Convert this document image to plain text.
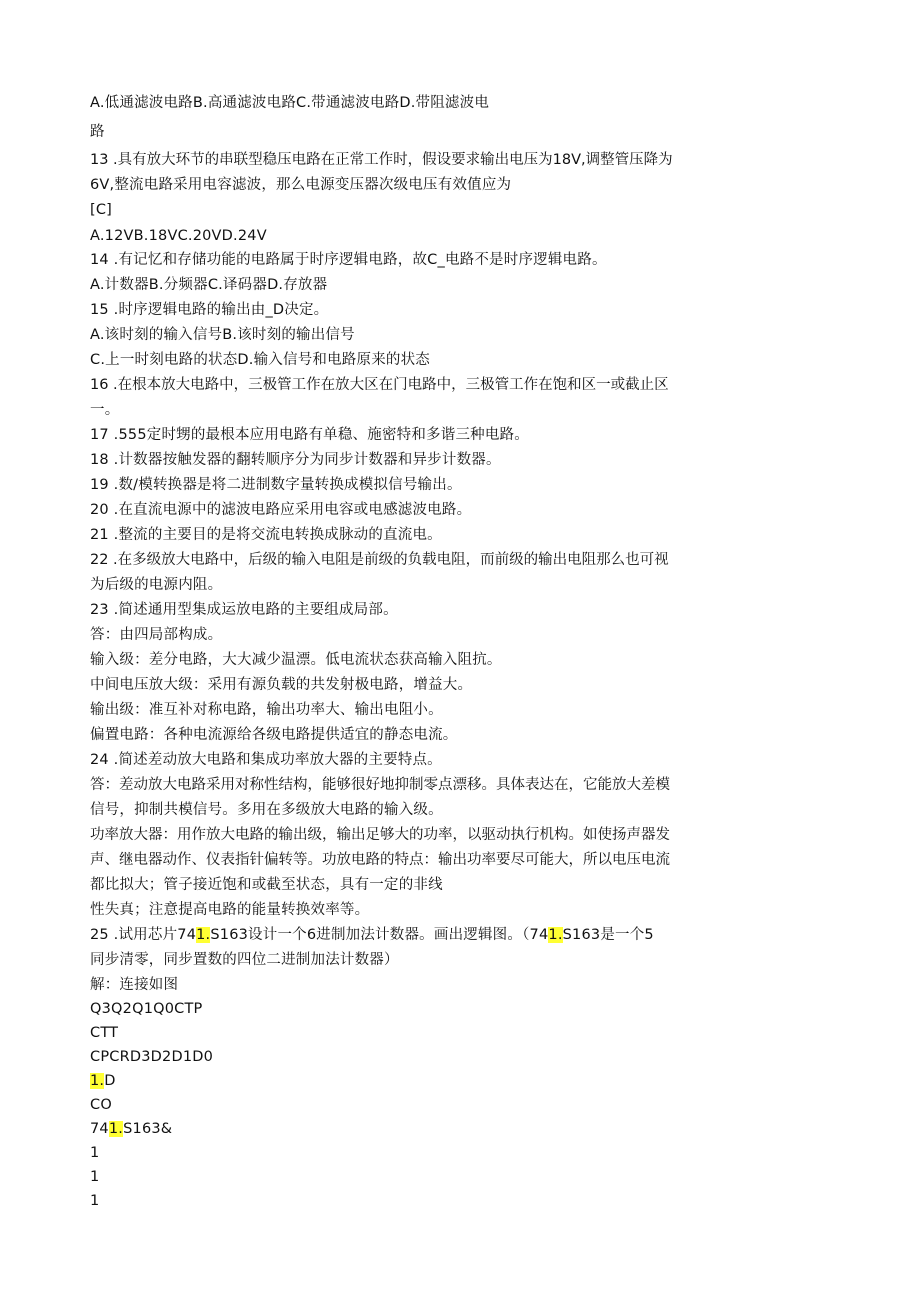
A.低通滤波电路B.高通滤波电路C.带通滤波电路D.带阻滤波电
路
13 .具有放大环节的串联型稳压电路在正常工作时，假设要求输出电压为18V,调整管压降为
6V,整流电路采用电容滤波，那么电源变压器次级电压有效值应为
[C]
A.12VB.18VC.20VD.24V
14 .有记忆和存储功能的电路属于时序逻辑电路，故C_电路不是时序逻辑电路。
A.计数器B.分频器C.译码器D.存放器
15 .时序逻辑电路的输出由_D决定。
A.该时刻的输入信号B.该时刻的输出信号
C.上一时刻电路的状态D.输入信号和电路原来的状态
16 .在根本放大电路中，三极管工作在放大区在门电路中，三极管工作在饱和区一或截止区
一。
17 .555定时甥的最根本应用电路有单稳、施密特和多谐三种电路。
18 .计数器按触发器的翻转顺序分为同步计数器和异步计数器。
19 .数/模转换器是将二进制数字量转换成模拟信号输出。
20 .在直流电源中的滤波电路应采用电容或电感滤波电路。
21 .整流的主要目的是将交流电转换成脉动的直流电。
22 .在多级放大电路中，后级的输入电阻是前级的负载电阻，而前级的输出电阻那么也可视
为后级的电源内阻。
23 .简述通用型集成运放电路的主要组成局部。
答：由四局部构成。
输入级：差分电路，大大减少温漂。低电流状态获高输入阻抗。
中间电压放大级：采用有源负载的共发射极电路，增益大。
输出级：准互补对称电路，输出功率大、输出电阻小。
偏置电路：各种电流源给各级电路提供适宜的静态电流。
24 .简述差动放大电路和集成功率放大器的主要特点。
答：差动放大电路采用对称性结构，能够很好地抑制零点漂移。具体表达在，它能放大差模
信号，抑制共模信号。多用在多级放大电路的输入级。
功率放大器：用作放大电路的输出级，输出足够大的功率，以驱动执行机构。如使扬声器发
声、继电器动作、仪表指针偏转等。功放电路的特点：输出功率要尽可能大，所以电压电流
都比拟大；管子接近饱和或截至状态，具有一定的非线
性失真；注意提高电路的能量转换效率等。
25 .试用芯片741.S163设计一个6进制加法计数器。画出逻辑图。（741.S163是一个5
同步清零，同步置数的四位二进制加法计数器）
解：连接如图
Q3Q2Q1Q0CTP
CTT
CPCRD3D2D1D0
1.D
CO
741.S163&
1
1
1
